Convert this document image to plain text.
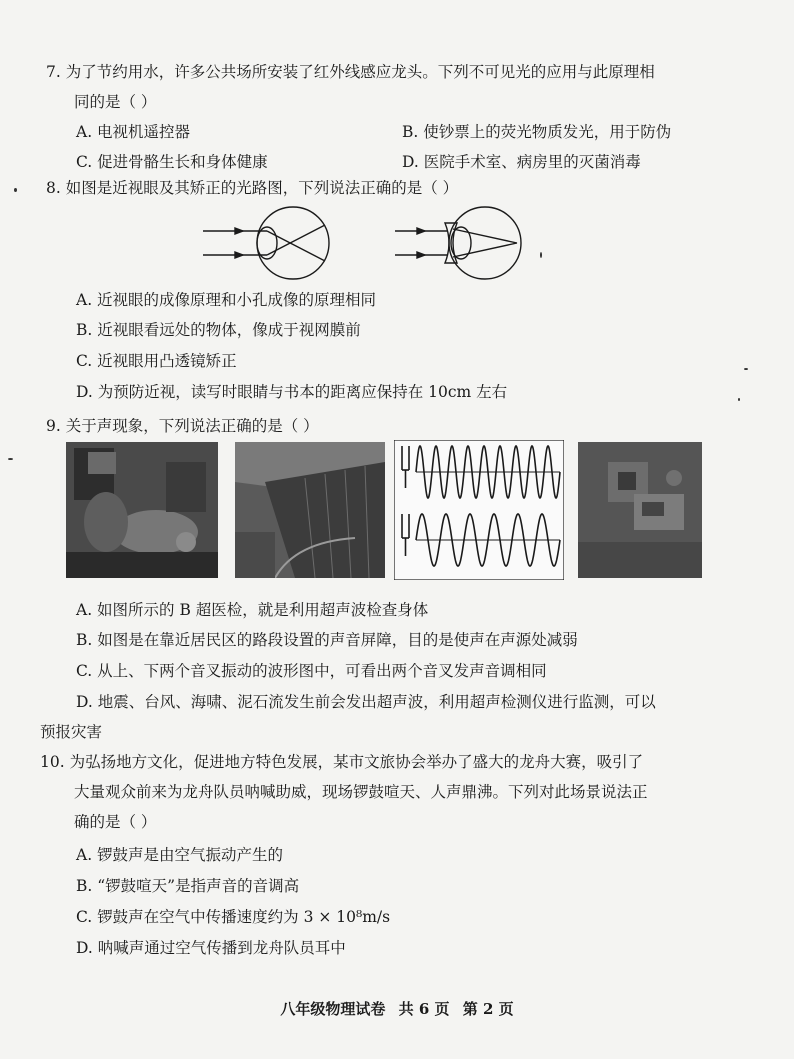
7. 为了节约用水，许多公共场所安装了红外线感应龙头。下列不可见光的应用与此原理相
同的是（ ）
A. 电视机遥控器	B. 使钞票上的荧光物质发光，用于防伪
C. 促进骨骼生长和身体健康	D. 医院手术室、病房里的灭菌消毒
8. 如图是近视眼及其矫正的光路图，下列说法正确的是（ ）
A. 近视眼的成像原理和小孔成像的原理相同
B. 近视眼看远处的物体，像成于视网膜前
C. 近视眼用凸透镜矫正
D. 为预防近视，读写时眼睛与书本的距离应保持在 10cm 左右
9. 关于声现象，下列说法正确的是（ ）
A. 如图所示的 B 超医检，就是利用超声波检查身体
B. 如图是在靠近居民区的路段设置的声音屏障，目的是使声在声源处减弱
C. 从上、下两个音叉振动的波形图中，可看出两个音叉发声音调相同
D. 地震、台风、海啸、泥石流发生前会发出超声波，利用超声检测仪进行监测，可以
预报灾害
10. 为弘扬地方文化，促进地方特色发展，某市文旅协会举办了盛大的龙舟大赛，吸引了
大量观众前来为龙舟队员呐喊助威，现场锣鼓喧天、人声鼎沸。下列对此场景说法正
确的是（ ）
A. 锣鼓声是由空气振动产生的
B. “锣鼓喧天”是指声音的音调高
C. 锣鼓声在空气中传播速度约为 3 × 10⁸m/s
D. 呐喊声通过空气传播到龙舟队员耳中
八年级物理试卷 共 6 页 第 2 页
